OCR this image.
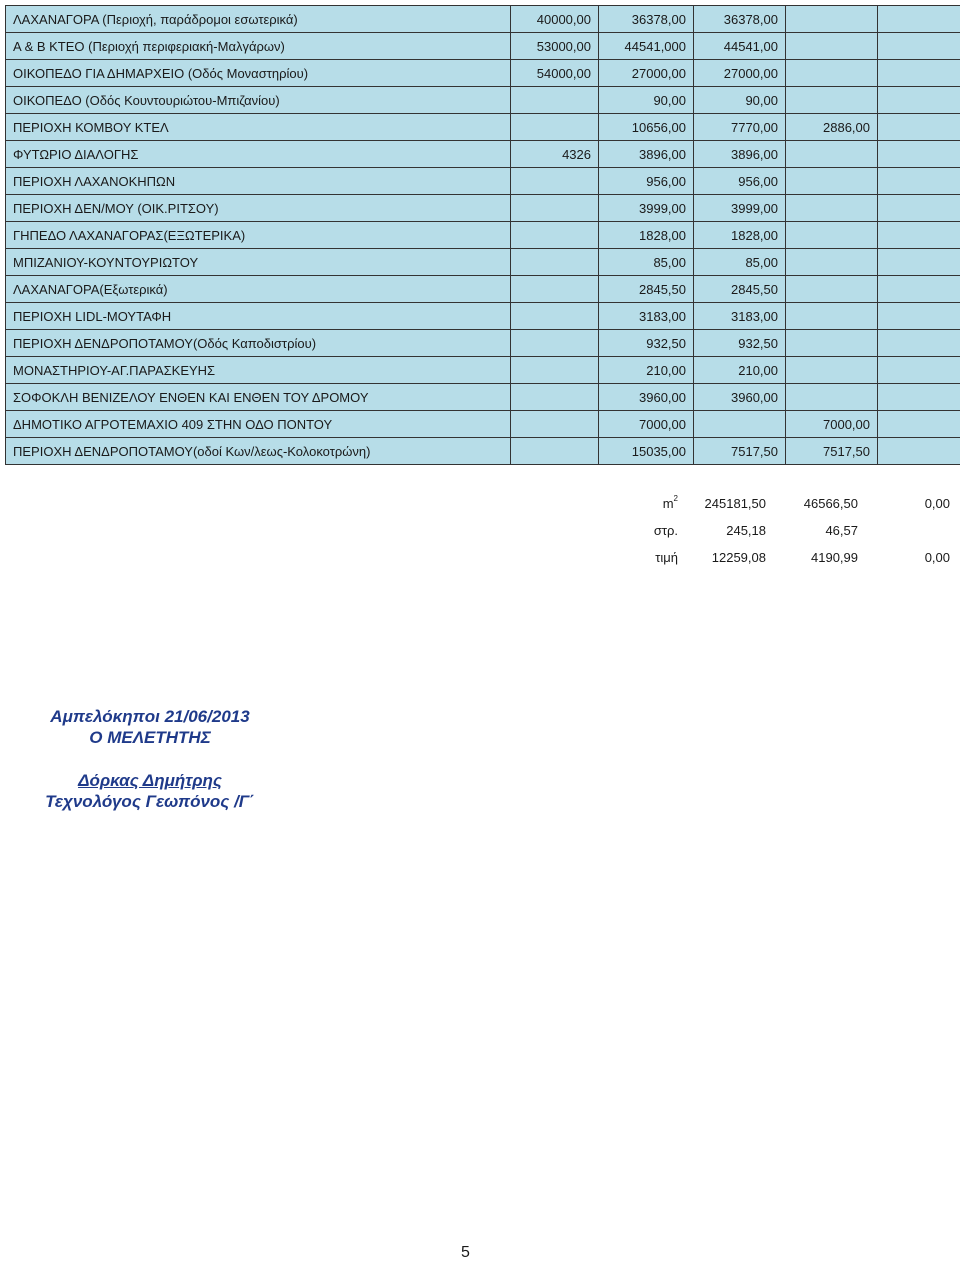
ΛΑΧΑΝΑΓΟΡΑ (Περιοχή, παράδρομοι εσωτερικά)	40000,00	36378,00	36378,00		
Α & Β ΚΤΕΟ (Περιοχή περιφεριακή-Μαλγάρων)	53000,00	44541,000	44541,00		
ΟΙΚΟΠΕΔΟ ΓΙΑ ΔΗΜΑΡΧΕΙΟ (Οδός Μοναστηρίου)	54000,00	27000,00	27000,00		
ΟΙΚΟΠΕΔΟ (Οδός Κουντουριώτου-Μπιζανίου)		90,00	90,00		
ΠΕΡΙΟΧΗ ΚΟΜΒΟΥ ΚΤΕΛ		10656,00	7770,00	2886,00	
ΦΥΤΩΡΙΟ ΔΙΑΛΟΓΗΣ	4326	3896,00	3896,00		
ΠΕΡΙΟΧΗ ΛΑΧΑΝΟΚΗΠΩΝ		956,00	956,00		
ΠΕΡΙΟΧΗ ΔΕΝ/ΜΟΥ (ΟΙΚ.ΡΙΤΣΟΥ)		3999,00	3999,00		
ΓΗΠΕΔΟ ΛΑΧΑΝΑΓΟΡΑΣ(ΕΞΩΤΕΡΙΚΑ)		1828,00	1828,00		
ΜΠΙΖΑΝΙΟΥ-ΚΟΥΝΤΟΥΡΙΩΤΟΥ		85,00	85,00		
ΛΑΧΑΝΑΓΟΡΑ(Εξωτερικά)		2845,50	2845,50		
ΠΕΡΙΟΧΗ LIDL-ΜΟΥΤΑΦΗ		3183,00	3183,00		
ΠΕΡΙΟΧΗ ΔΕΝΔΡΟΠΟΤΑΜΟΥ(Οδός Καποδιστρίου)		932,50	932,50		
ΜΟΝΑΣΤΗΡΙΟΥ-ΑΓ.ΠΑΡΑΣΚΕΥΗΣ		210,00	210,00		
ΣΟΦΟΚΛΗ ΒΕΝΙΖΕΛΟΥ ΕΝΘΕΝ ΚΑΙ ΕΝΘΕΝ ΤΟΥ ΔΡΟΜΟΥ		3960,00	3960,00		
ΔΗΜΟΤΙΚΟ ΑΓΡΟΤΕΜΑΧΙΟ 409 ΣΤΗΝ ΟΔΟ ΠΟΝΤΟΥ		7000,00		7000,00	
ΠΕΡΙΟΧΗ ΔΕΝΔΡΟΠΟΤΑΜΟΥ(οδοί Κων/λεως-Κολοκοτρώνη)		15035,00	7517,50	7517,50	
$m^2$	245181,50	46566,50	0,00
στρ.	245,18	46,57
τιμή	12259,08	4190,99	0,00
Αμπελόκηποι 21/06/2013
Ο ΜΕΛΕΤΗΤΗΣ
Δόρκας Δημήτρης
Τεχνολόγος Γεωπόνος /Γ΄
5
